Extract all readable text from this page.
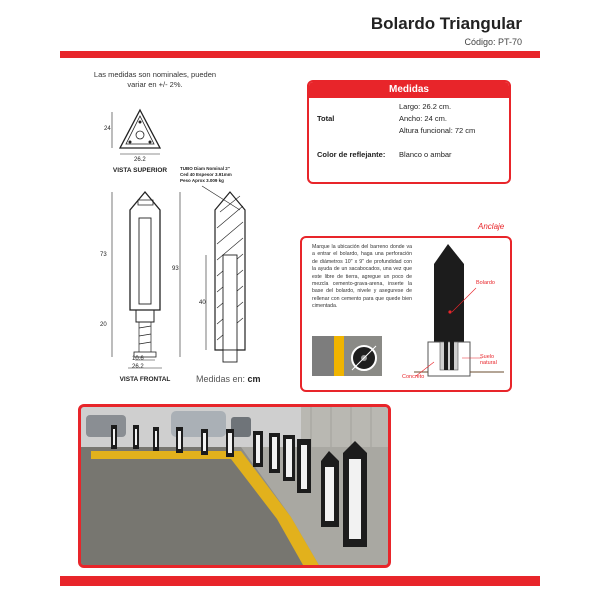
Bolardo Triangular
Código: PT-70
Las medidas son nominales, pueden variar en +/- 2%.
24
26.2
VISTA SUPERIOR
73
93
20
10.6
26.2
VISTA FRONTAL
TUBO Diam Nominal 2"
Ced 40 Espesor 3.91mm
Peso Aprox 3.009 kg
40
Medidas en: cm
Medidas
Total
Largo: 26.2 cm.
Ancho: 24 cm.
Altura funcional: 72 cm
Color de reflejante: Blanco o ambar
Anclaje
Marque la ubicación del barreno donde va a entrar el bolardo, haga una perforación de diámetros 10" x 9" de profundidad con la ayuda de un sacabocados, una vez que este libre de tierra, agregue un poco de mezcla cemento-grava-arena, inserte la base del bolardo, nivele y asegurese de rellenar con cemento para que quede bien cimentada.
Bolardo
Concreto
Suelo natural
